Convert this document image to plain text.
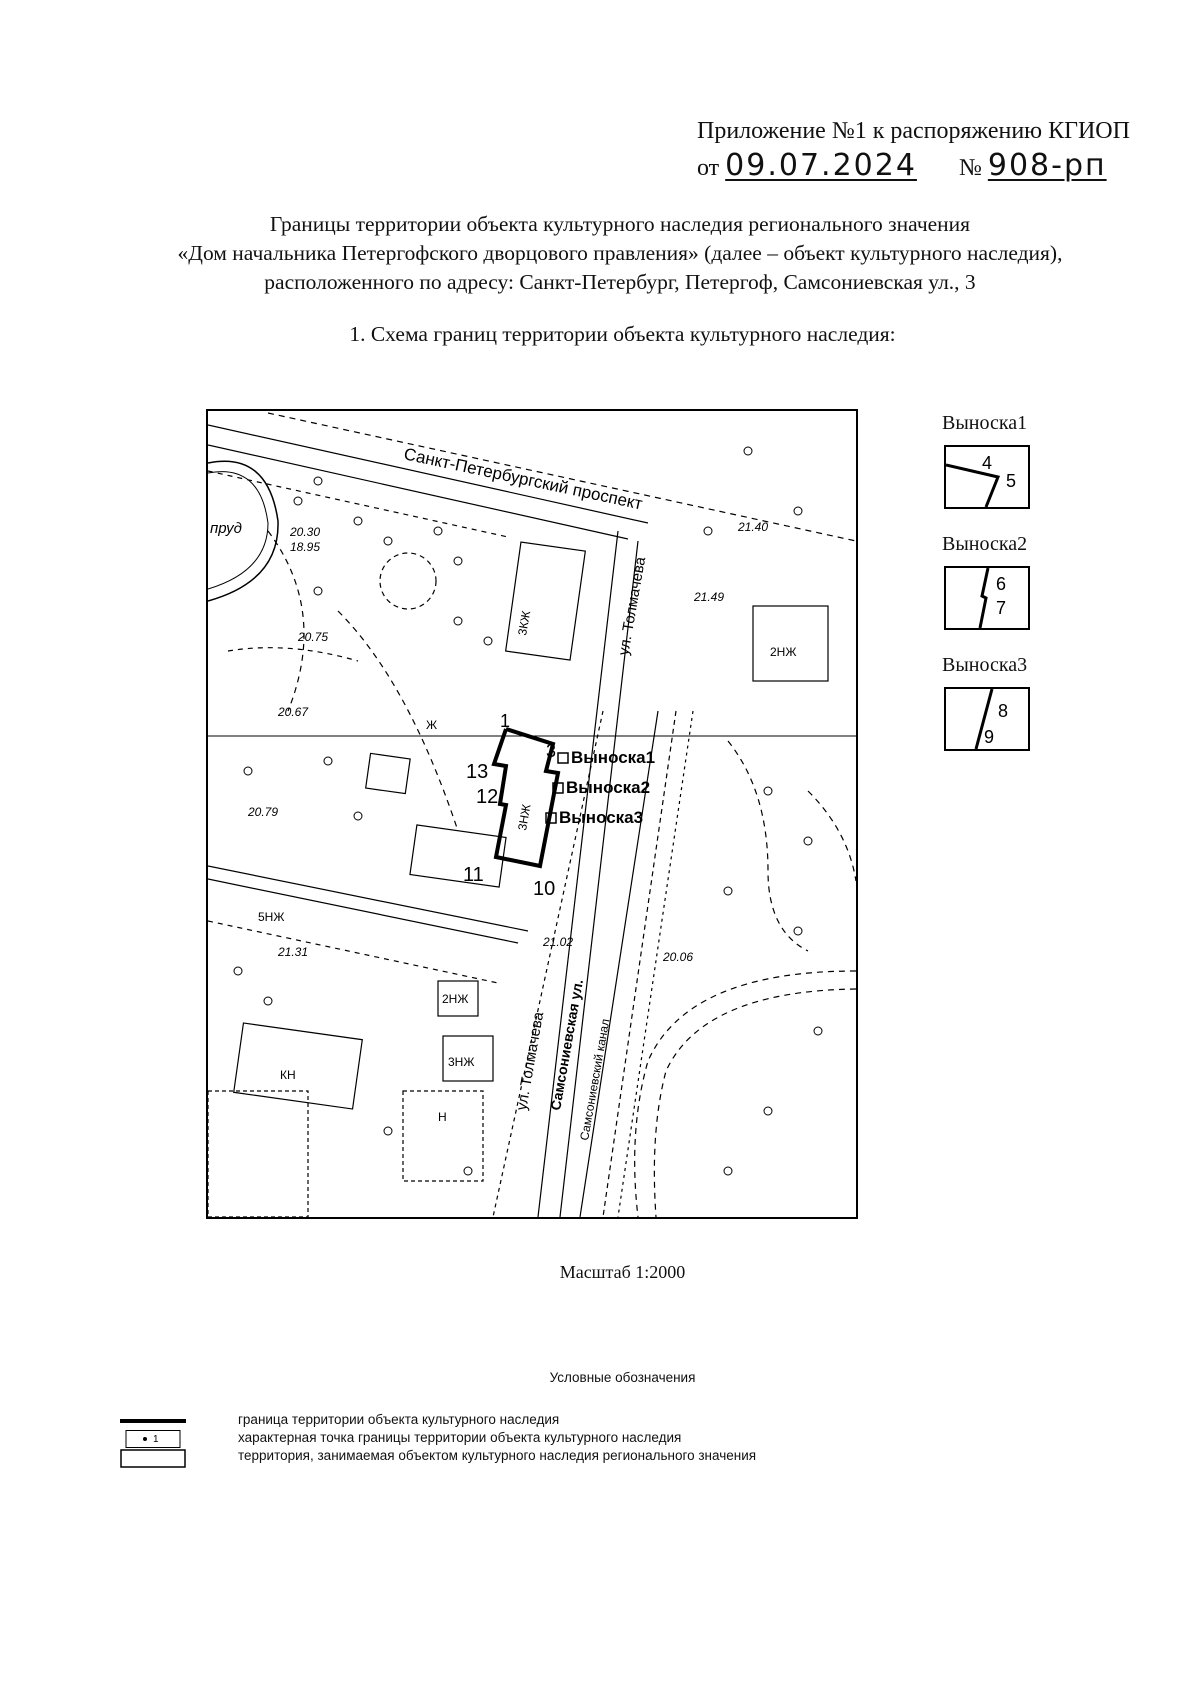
Приложение №1 к распоряжению КГИОП
от 09.07.2024 № 908-рп
Границы территории объекта культурного наследия регионального значения
«Дом начальника Петергофского дворцового правления» (далее – объект культурного наследия),
расположенного по адресу: Санкт-Петербург, Петергоф, Самсониевская ул., 3
1. Схема границ территории объекта культурного наследия:
Санкт-Петербургский проспект
ул. Толмачева
ул. Толмачева Самсониевская ул.
Самсониевский канал
пруд
3КЖ
2НЖ
3НЖ
5НЖ
2НЖ
3НЖ
КН
Ж
Н
20.30
18.95
21.49
20.75
20.67
20.79
21.31
21.02
20.06
21.40
1
3
10
11
12
13
Выноска1
Выноска2
Выноска3
Выноска1
4
5
Выноска2
6
7
Выноска3
8
9
Масштаб 1:2000
Условные обозначения
граница территории объекта культурного наследия
1	характерная точка границы территории объекта культурного наследия
территория, занимаемая объектом культурного наследия регионального значения
